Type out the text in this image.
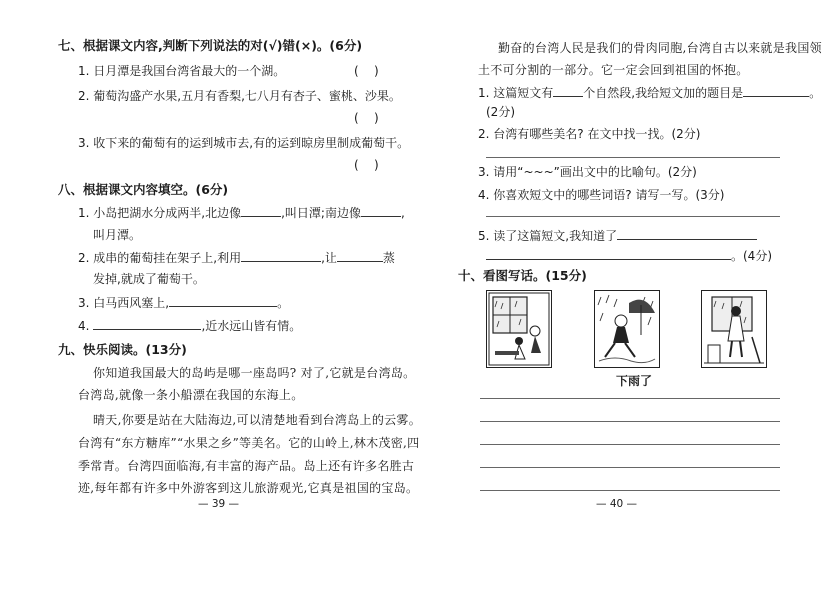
七、根据课文内容,判断下列说法的对(√)错(×)。(6分)
1. 日月潭是我国台湾省最大的一个湖。	(    )
2. 葡萄沟盛产水果,五月有香梨,七八月有杏子、蜜桃、沙果。
(    )
3. 收下来的葡萄有的运到城市去,有的运到晾房里制成葡萄干。
(    )
八、根据课文内容填空。(6分)
1. 小岛把湖水分成两半,北边像	,叫日潭;南边像	,
叫月潭。
2. 成串的葡萄挂在架子上,利用	,让	蒸
发掉,就成了葡萄干。
3. 白马西风塞上,	。
4.	,近水远山皆有情。
九、快乐阅读。(13分)
你知道我国最大的岛屿是哪一座岛吗? 对了,它就是台湾岛。
台湾岛,就像一条小船漂在我国的东海上。
晴天,你要是站在大陆海边,可以清楚地看到台湾岛上的云雾。
台湾有“东方糖库”“水果之乡”等美名。它的山岭上,林木茂密,四
季常青。台湾四面临海,有丰富的海产品。岛上还有许多名胜古
迹,每年都有许多中外游客到这儿旅游观光,它真是祖国的宝岛。
— 39 —
勤奋的台湾人民是我们的骨肉同胞,台湾自古以来就是我国领
土不可分割的一部分。它一定会回到祖国的怀抱。
1. 这篇短文有	个自然段,我给短文加的题目是	。
(2分)
2. 台湾有哪些美名? 在文中找一找。(2分)
3. 请用“~~~”画出文中的比喻句。(2分)
4. 你喜欢短文中的哪些词语? 请写一写。(3分)
5. 读了这篇短文,我知道了
。(4分)
十、看图写话。(15分)
下雨了
— 40 —
